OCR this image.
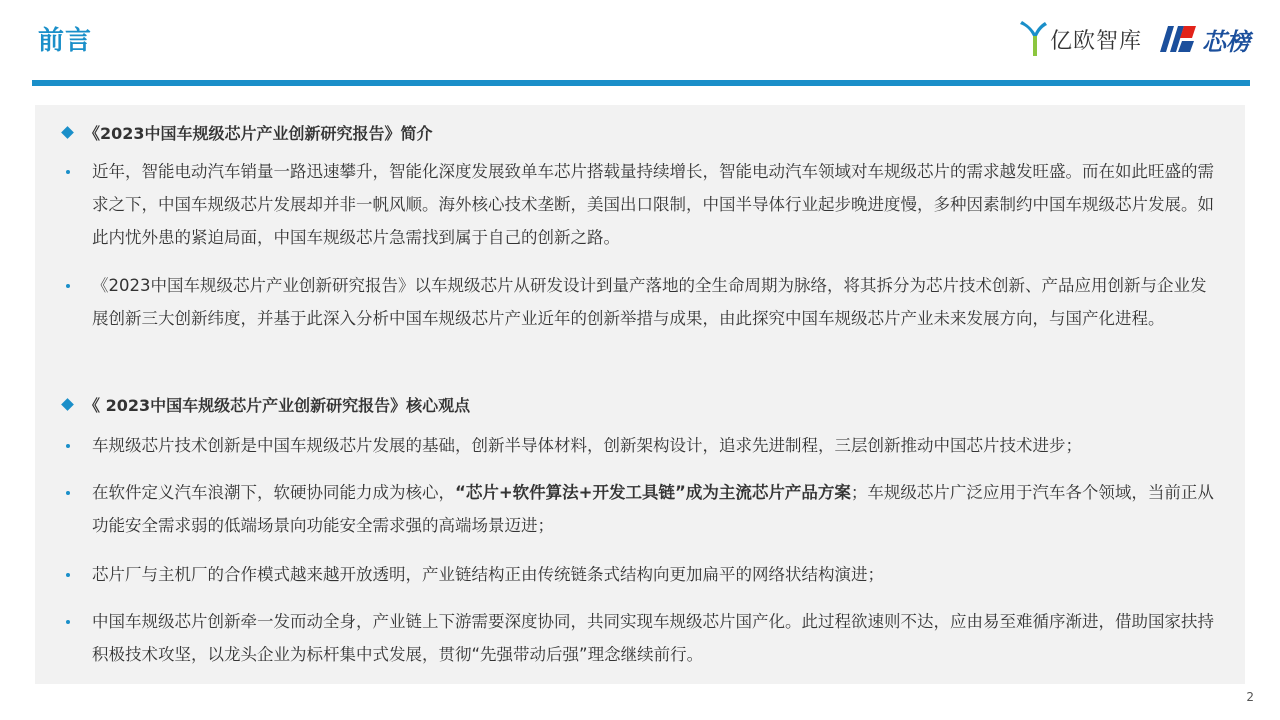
前言	亿欧智库	芯榜
《2023中国车规级芯片产业创新研究报告》简介
近年，智能电动汽车销量一路迅速攀升，智能化深度发展致单车芯片搭载量持续增长，智能电动汽车领域对车规级芯片的需求越发旺盛。而在如此旺盛的需求之下，中国车规级芯片发展却并非一帆风顺。海外核心技术垄断，美国出口限制，中国半导体行业起步晚进度慢，多种因素制约中国车规级芯片发展。如此内忧外患的紧迫局面，中国车规级芯片急需找到属于自己的创新之路。
《2023中国车规级芯片产业创新研究报告》以车规级芯片从研发设计到量产落地的全生命周期为脉络，将其拆分为芯片技术创新、产品应用创新与企业发展创新三大创新纬度，并基于此深入分析中国车规级芯片产业近年的创新举措与成果，由此探究中国车规级芯片产业未来发展方向，与国产化进程。
《 2023中国车规级芯片产业创新研究报告》核心观点
车规级芯片技术创新是中国车规级芯片发展的基础，创新半导体材料，创新架构设计，追求先进制程，三层创新推动中国芯片技术进步；
在软件定义汽车浪潮下，软硬协同能力成为核心，“芯片+软件算法+开发工具链”成为主流芯片产品方案；车规级芯片广泛应用于汽车各个领域，当前正从功能安全需求弱的低端场景向功能安全需求强的高端场景迈进；
芯片厂与主机厂的合作模式越来越开放透明，产业链结构正由传统链条式结构向更加扁平的网络状结构演进；
中国车规级芯片创新牵一发而动全身，产业链上下游需要深度协同，共同实现车规级芯片国产化。此过程欲速则不达，应由易至难循序渐进，借助国家扶持积极技术攻坚，以龙头企业为标杆集中式发展，贯彻“先强带动后强”理念继续前行。
2
